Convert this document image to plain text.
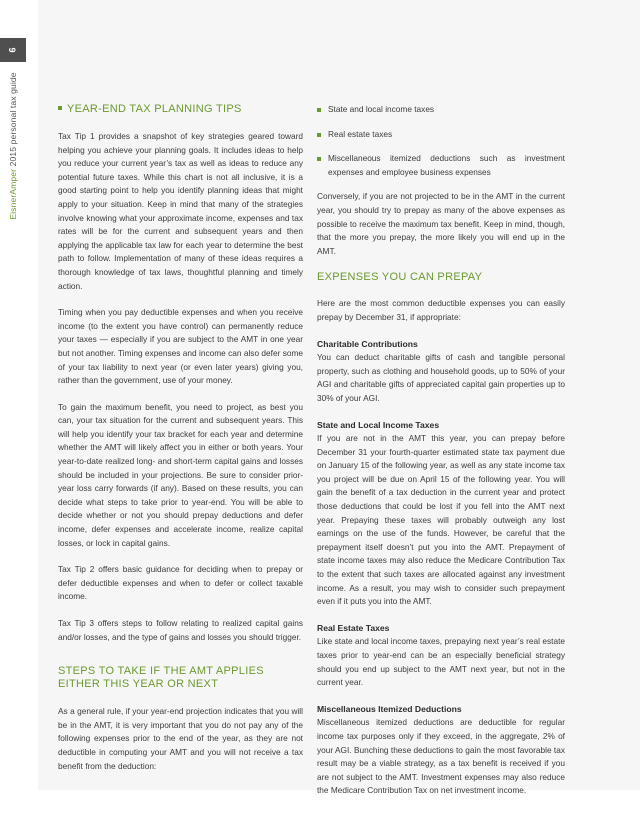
6
EisnerAmper 2015 personal tax guide	YEAR-END TAX PLANNING TIPS

Tax Tip 1 provides a snapshot of key strategies geared toward helping you achieve your planning goals. It includes ideas to help you reduce your current year’s tax as well as ideas to reduce any potential future taxes. While this chart is not all inclusive, it is a good starting point to help you identify planning ideas that might apply to your situation. Keep in mind that many of the strategies involve knowing what your approximate income, expenses and tax rates will be for the current and subsequent years and then applying the applicable tax law for each year to determine the best path to follow. Implementation of many of these ideas requires a thorough knowledge of tax laws, thoughtful planning and timely action.

Timing when you pay deductible expenses and when you receive income (to the extent you have control) can permanently reduce your taxes — especially if you are subject to the AMT in one year but not another. Timing expenses and income can also defer some of your tax liability to next year (or even later years) giving you, rather than the government, use of your money.

To gain the maximum benefit, you need to project, as best you can, your tax situation for the current and subsequent years. This will help you identify your tax bracket for each year and determine whether the AMT will likely affect you in either or both years. Your year-to-date realized long- and short-term capital gains and losses should be included in your projections. Be sure to consider prior-year loss carry forwards (if any). Based on these results, you can decide what steps to take prior to year-end. You will be able to decide whether or not you should prepay deductions and defer income, defer expenses and accelerate income, realize capital losses, or lock in capital gains.

Tax Tip 2 offers basic guidance for deciding when to prepay or defer deductible expenses and when to defer or collect taxable income.

Tax Tip 3 offers steps to follow relating to realized capital gains and/or losses, and the type of gains and losses you should trigger.

STEPS TO TAKE IF THE AMT APPLIES EITHER THIS YEAR OR NEXT

As a general rule, if your year-end projection indicates that you will be in the AMT, it is very important that you do not pay any of the following expenses prior to the end of the year, as they are not deductible in computing your AMT and you will not receive a tax benefit from the deduction:

State and local income taxes
Real estate taxes
Miscellaneous itemized deductions such as investment expenses and employee business expenses

Conversely, if you are not projected to be in the AMT in the current year, you should try to prepay as many of the above expenses as possible to receive the maximum tax benefit. Keep in mind, though, that the more you prepay, the more likely you will end up in the AMT.

EXPENSES YOU CAN PREPAY

Here are the most common deductible expenses you can easily prepay by December 31, if appropriate:

Charitable Contributions

You can deduct charitable gifts of cash and tangible personal property, such as clothing and household goods, up to 50% of your AGI and charitable gifts of appreciated capital gain properties up to 30% of your AGI.

State and Local Income Taxes

If you are not in the AMT this year, you can prepay before December 31 your fourth-quarter estimated state tax payment due on January 15 of the following year, as well as any state income tax you project will be due on April 15 of the following year. You will gain the benefit of a tax deduction in the current year and protect those deductions that could be lost if you fell into the AMT next year. Prepaying these taxes will probably outweigh any lost earnings on the use of the funds. However, be careful that the prepayment itself doesn’t put you into the AMT. Prepayment of state income taxes may also reduce the Medicare Contribution Tax to the extent that such taxes are allocated against any investment income. As a result, you may wish to consider such prepayment even if it puts you into the AMT.

Real Estate Taxes

Like state and local income taxes, prepaying next year’s real estate taxes prior to year-end can be an especially beneficial strategy should you end up subject to the AMT next year, but not in the current year.

Miscellaneous Itemized Deductions

Miscellaneous itemized deductions are deductible for regular income tax purposes only if they exceed, in the aggregate, 2% of your AGI. Bunching these deductions to gain the most favorable tax result may be a viable strategy, as a tax benefit is received if you are not subject to the AMT. Investment expenses may also reduce the Medicare Contribution Tax on net investment income.
